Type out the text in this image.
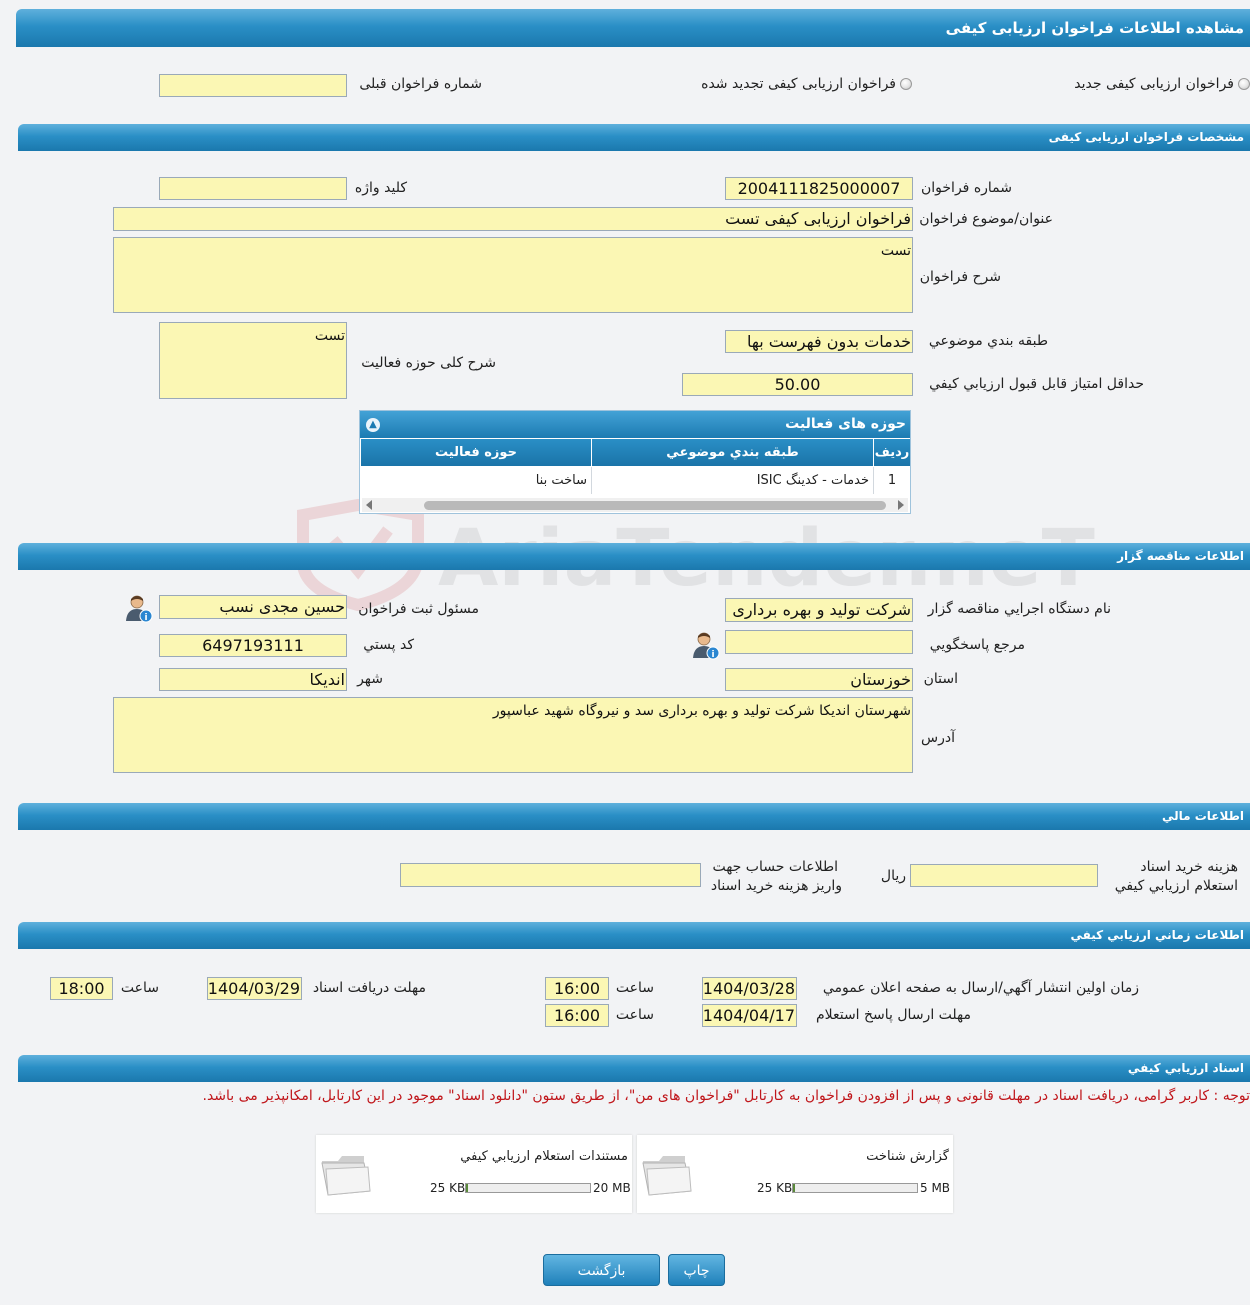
مشاهده اطلاعات فراخوان ارزیابی کیفی
فراخوان ارزیابی کیفی جدید
فراخوان ارزیابی کیفی تجدید شده
شماره فراخوان قبلی
مشخصات فراخوان ارزیابی کیفی
شماره فراخوان
2004111825000007
کلید واژه
عنوان/موضوع فراخوان
فراخوان ارزیابی کیفی تست
شرح فراخوان
تست
طبقه بندي موضوعي
خدمات بدون فهرست بها
شرح کلی حوزه فعالیت
تست
حداقل امتياز قابل قبول ارزيابي کيفي
50.00
حوزه های فعالیت
▲
ردیف
طبقه بندي موضوعي
حوزه فعالیت
1
خدمات - کدینگ ISIC
ساخت بنا
اطلاعات مناقصه گزار
نام دستگاه اجرايي مناقصه گزار
شرکت تولید و بهره برداری
مسئول ثبت فراخوان
حسین مجدی نسب
i
مرجع پاسخگويي
i
کد پستي
6497193111
استان
خوزستان
شهر
اندیکا
آدرس
شهرستان اندیکا شرکت تولید و بهره برداری سد و نیروگاه شهید عباسپور
اطلاعات مالي
هزينه خريد اسناد
استعلام ارزيابي کيفي
ريال
اطلاعات حساب جهت
واریز هزینه خرید اسناد
اطلاعات زماني ارزيابي کيفي
زمان اولين انتشار آگهي/ارسال به صفحه اعلان عمومي
1404/03/28
ساعت
16:00
مهلت دریافت اسناد
1404/03/29
ساعت
18:00
مهلت ارسال پاسخ استعلام
1404/04/17
ساعت
16:00
اسناد ارزيابي کيفي
توجه : کاربر گرامی، دریافت اسناد در مهلت قانونی و پس از افزودن فراخوان به کارتابل "فراخوان های من"، از طریق ستون "دانلود اسناد" موجود در این کارتابل، امکانپذیر می باشد.
گزارش شناخت
25 KB	5 MB
مستندات استعلام ارزيابي کيفي
25 KB	20 MB
چاپ
بازگشت
